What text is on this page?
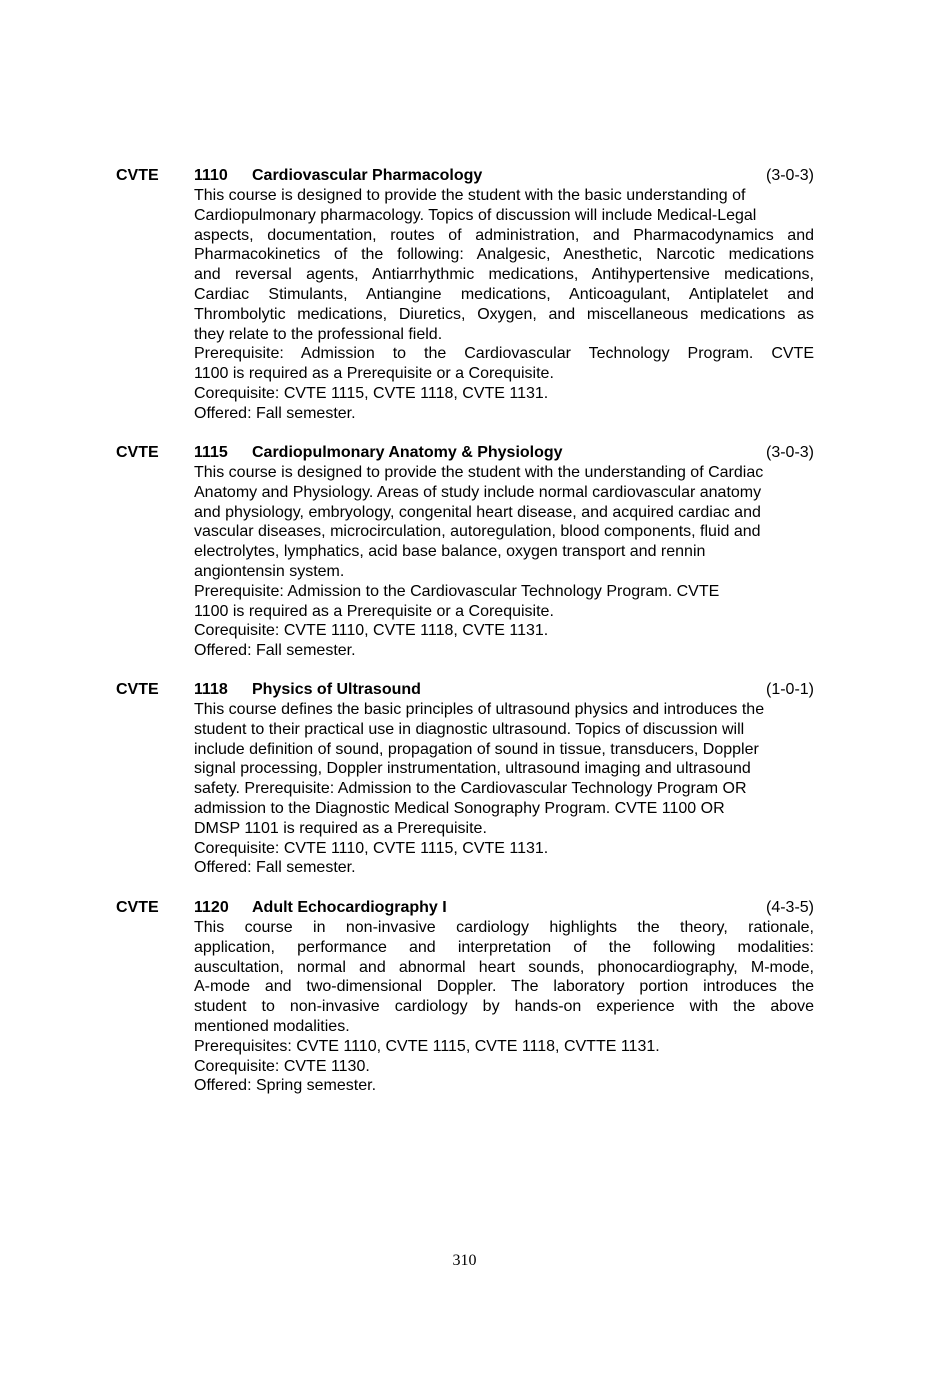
CVTE 1110 Cardiovascular Pharmacology	(3-0-3)
This course is designed to provide the student with the basic understanding of
Cardiopulmonary pharmacology. Topics of discussion will include Medical-Legal
aspects, documentation, routes of administration, and Pharmacodynamics and
Pharmacokinetics of the following: Analgesic, Anesthetic, Narcotic medications
and reversal agents, Antiarrhythmic medications, Antihypertensive medications,
Cardiac Stimulants, Antiangine medications, Anticoagulant, Antiplatelet and
Thrombolytic medications, Diuretics, Oxygen, and miscellaneous medications as
they relate to the professional field.
Prerequisite: Admission to the Cardiovascular Technology Program. CVTE
1100 is required as a Prerequisite or a Corequisite.
Corequisite: CVTE 1115, CVTE 1118, CVTE 1131.
Offered: Fall semester.
CVTE 1115 Cardiopulmonary Anatomy & Physiology	(3-0-3)
This course is designed to provide the student with the understanding of Cardiac
Anatomy and Physiology. Areas of study include normal cardiovascular anatomy
and physiology, embryology, congenital heart disease, and acquired cardiac and
vascular diseases, microcirculation, autoregulation, blood components, fluid and
electrolytes, lymphatics, acid base balance, oxygen transport and rennin
angiontensin system.
Prerequisite: Admission to the Cardiovascular Technology Program. CVTE
1100 is required as a Prerequisite or a Corequisite.
Corequisite: CVTE 1110, CVTE 1118, CVTE 1131.
Offered: Fall semester.
CVTE 1118 Physics of Ultrasound	(1-0-1)
This course defines the basic principles of ultrasound physics and introduces the
student to their practical use in diagnostic ultrasound. Topics of discussion will
include definition of sound, propagation of sound in tissue, transducers, Doppler
signal processing, Doppler instrumentation, ultrasound imaging and ultrasound
safety. Prerequisite: Admission to the Cardiovascular Technology Program OR
admission to the Diagnostic Medical Sonography Program. CVTE 1100 OR
DMSP 1101 is required as a Prerequisite.
Corequisite: CVTE 1110, CVTE 1115, CVTE 1131.
Offered: Fall semester.
CVTE 1120 Adult Echocardiography I	(4-3-5)
This course in non-invasive cardiology highlights the theory, rationale,
application, performance and interpretation of the following modalities:
auscultation, normal and abnormal heart sounds, phonocardiography, M-mode,
A-mode and two-dimensional Doppler. The laboratory portion introduces the
student to non-invasive cardiology by hands-on experience with the above
mentioned modalities.
Prerequisites: CVTE 1110, CVTE 1115, CVTE 1118, CVTTE 1131.
Corequisite: CVTE 1130.
Offered: Spring semester.
310
